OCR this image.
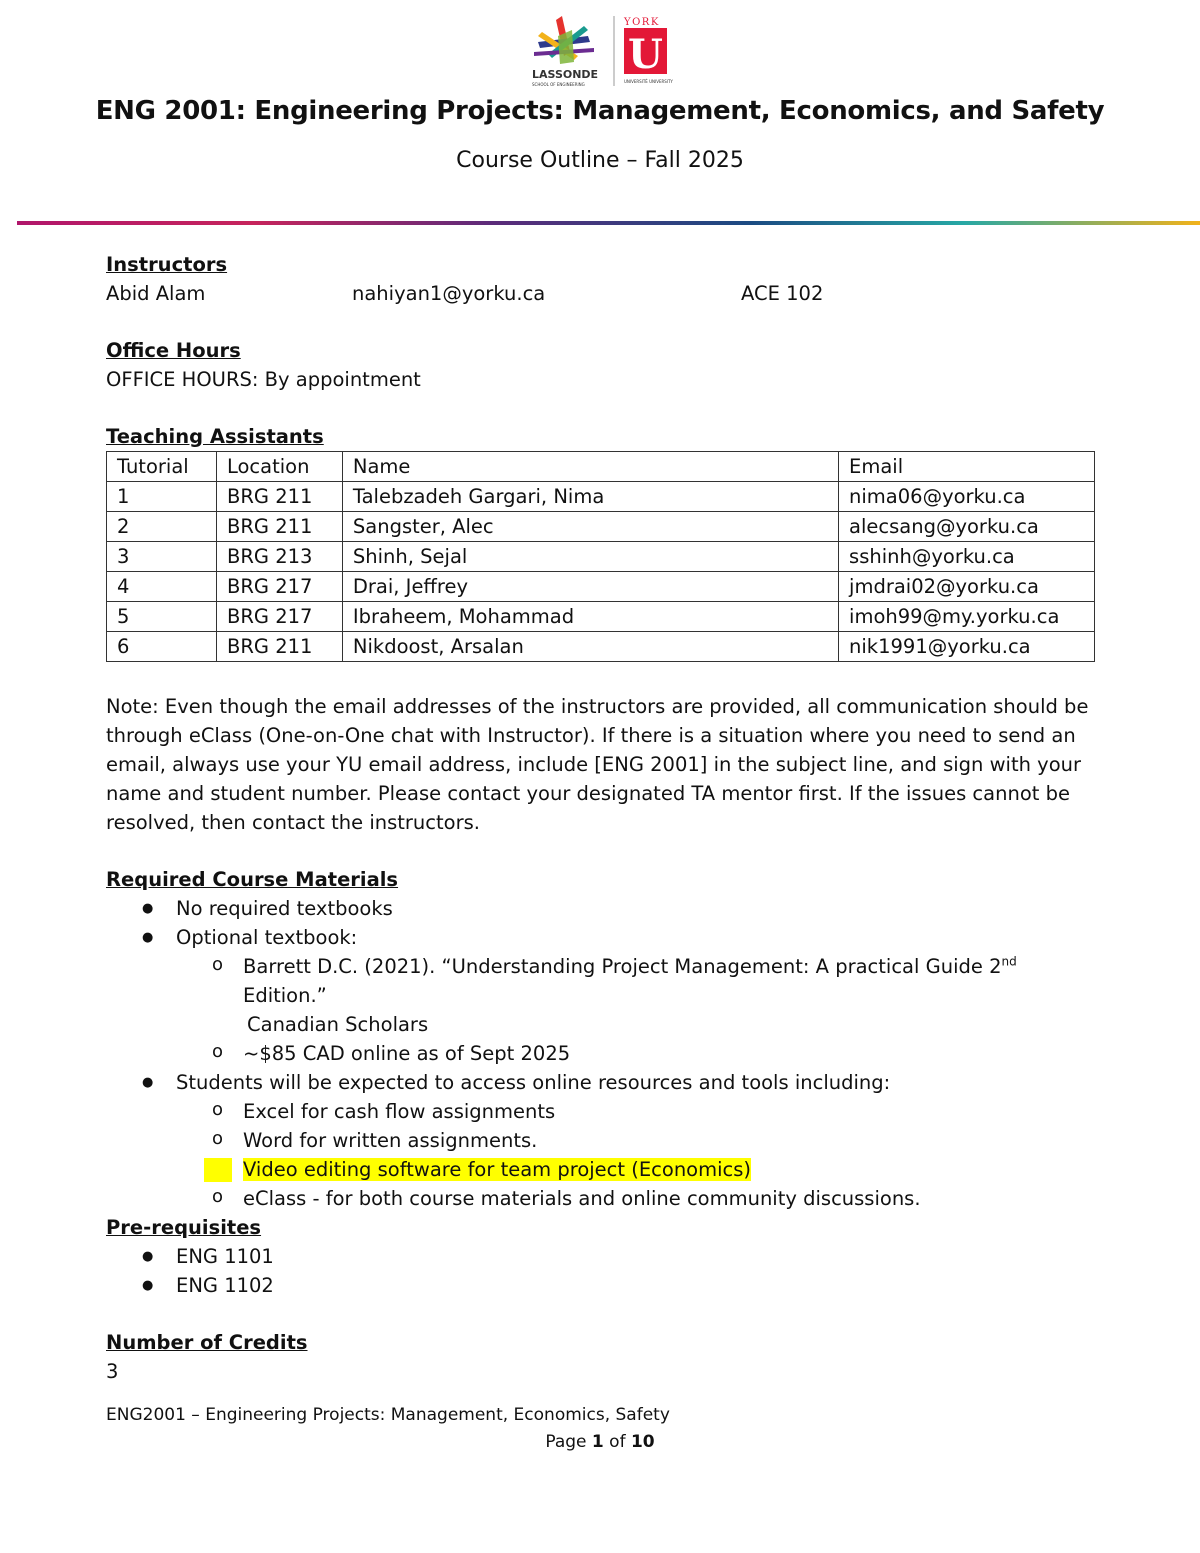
LASSONDE
SCHOOL OF ENGINEERING
YORK
U
UNIVERSITÉ UNIVERSITY
ENG 2001: Engineering Projects: Management, Economics, and Safety
Course Outline – Fall 2025
Instructors
Abid Alam	nahiyan1@yorku.ca	ACE 102
Office Hours
OFFICE HOURS: By appointment
Teaching Assistants
Tutorial	Location	Name	Email
1	BRG 211	Talebzadeh Gargari, Nima	nima06@yorku.ca
2	BRG 211	Sangster, Alec	alecsang@yorku.ca
3	BRG 213	Shinh, Sejal	sshinh@yorku.ca
4	BRG 217	Drai, Jeffrey	jmdrai02@yorku.ca
5	BRG 217	Ibraheem, Mohammad	imoh99@my.yorku.ca
6	BRG 211	Nikdoost, Arsalan	nik1991@yorku.ca
Note: Even though the email addresses of the instructors are provided, all communication should be through eClass (One-on-One chat with Instructor). If there is a situation where you need to send an email, always use your YU email address, include [ENG 2001] in the subject line, and sign with your name and student number. Please contact your designated TA mentor first. If the issues cannot be resolved, then contact the instructors.
Required Course Materials
● No required textbooks
● Optional textbook:
o Barrett D.C. (2021). “Understanding Project Management: A practical Guide 2nd Edition.”
Canadian Scholars
o ~$85 CAD online as of Sept 2025
● Students will be expected to access online resources and tools including:
o Excel for cash flow assignments
o Word for written assignments.
o Video editing software for team project (Economics)
o eClass - for both course materials and online community discussions.
Pre-requisites
● ENG 1101
● ENG 1102
Number of Credits
3
ENG2001 – Engineering Projects: Management, Economics, Safety
Page 1 of 10
